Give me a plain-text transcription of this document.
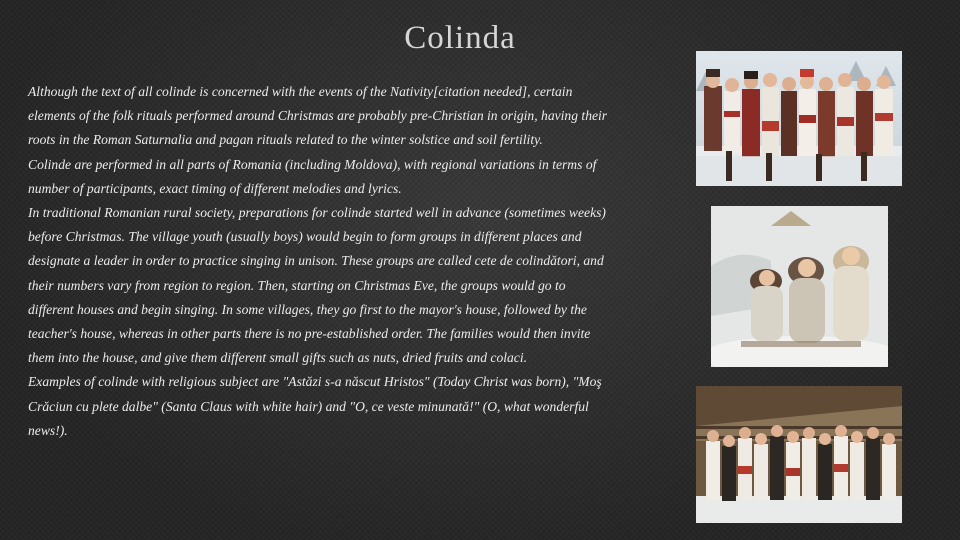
Colinda

Although the text of all colinde is concerned with the events of the Nativity[citation needed], certain elements of the folk rituals performed around Christmas are probably pre-Christian in origin, having their roots in the Roman Saturnalia and pagan rituals related to the winter solstice and soil fertility.

Colinde are performed in all parts of Romania (including Moldova), with regional variations in terms of number of participants, exact timing of different melodies and lyrics.

In traditional Romanian rural society, preparations for colinde started well in advance (sometimes weeks) before Christmas. The village youth (usually boys) would begin to form groups in different places and designate a leader in order to practice singing in unison. These groups are called cete de colindători, and their numbers vary from region to region. Then, starting on Christmas Eve, the groups would go to different houses and begin singing. In some villages, they go first to the mayor's house, followed by the teacher's house, whereas in other parts there is no pre-established order. The families would then invite them into the house, and give them different small gifts such as nuts, dried fruits and colaci.

Examples of colinde with religious subject are "Astăzi s-a născut Hristos" (Today Christ was born), "Moş Crăciun cu plete dalbe" (Santa Claus with white hair) and "O, ce veste minunată!" (O, what wonderful news!).
